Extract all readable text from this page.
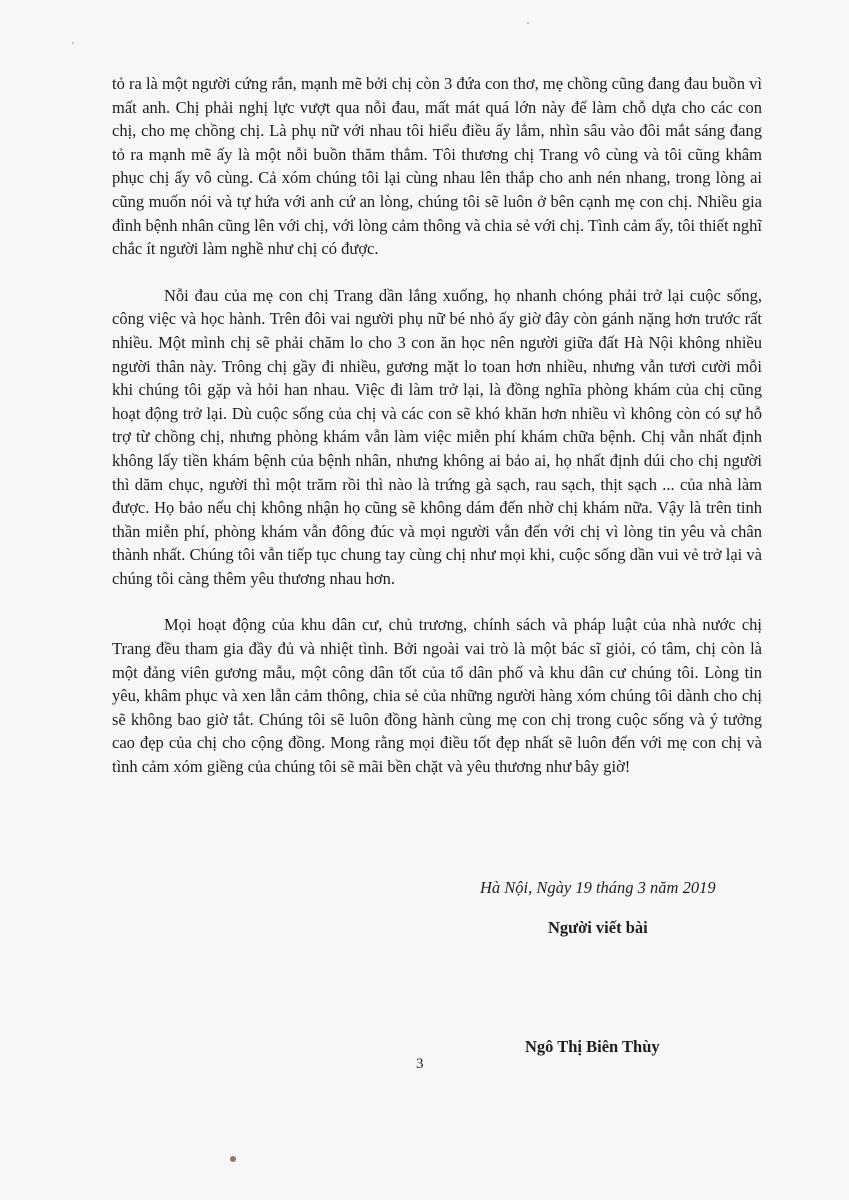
tỏ ra là một người cứng rắn, mạnh mẽ bởi chị còn 3 đứa con thơ, mẹ chồng cũng đang đau buồn vì mất anh. Chị phải nghị lực vượt qua nỗi đau, mất mát quá lớn này để làm chỗ dựa cho các con chị, cho mẹ chồng chị. Là phụ nữ với nhau tôi hiểu điều ấy lắm, nhìn sâu vào đôi mắt sáng đang tỏ ra mạnh mẽ ấy là một nỗi buồn thăm thẳm. Tôi thương chị Trang vô cùng và tôi cũng khâm phục chị ấy vô cùng. Cả xóm chúng tôi lại cùng nhau lên thắp cho anh nén nhang, trong lòng ai cũng muốn nói và tự hứa với anh cứ an lòng, chúng tôi sẽ luôn ở bên cạnh mẹ con chị. Nhiều gia đình bệnh nhân cũng lên với chị, với lòng cảm thông và chia sẻ với chị. Tình cảm ấy, tôi thiết nghĩ chắc ít người làm nghề như chị có được.

Nỗi đau của mẹ con chị Trang dần lắng xuống, họ nhanh chóng phải trở lại cuộc sống, công việc và học hành. Trên đôi vai người phụ nữ bé nhỏ ấy giờ đây còn gánh nặng hơn trước rất nhiều. Một mình chị sẽ phải chăm lo cho 3 con ăn học nên người giữa đất Hà Nội không nhiều người thân này. Trông chị gầy đi nhiều, gương mặt lo toan hơn nhiều, nhưng vẫn tươi cười mỗi khi chúng tôi gặp và hỏi han nhau. Việc đi làm trở lại, là đồng nghĩa phòng khám của chị cũng hoạt động trở lại. Dù cuộc sống của chị và các con sẽ khó khăn hơn nhiều vì không còn có sự hỗ trợ từ chồng chị, nhưng phòng khám vẫn làm việc miễn phí khám chữa bệnh. Chị vẫn nhất định không lấy tiền khám bệnh của bệnh nhân, nhưng không ai bảo ai, họ nhất định dúi cho chị người thì dăm chục, người thì một trăm rồi thì nào là trứng gà sạch, rau sạch, thịt sạch ... của nhà làm được. Họ bảo nếu chị không nhận họ cũng sẽ không dám đến nhờ chị khám nữa. Vậy là trên tinh thần miễn phí, phòng khám vẫn đông đúc và mọi người vẫn đến với chị vì lòng tin yêu và chân thành nhất. Chúng tôi vẫn tiếp tục chung tay cùng chị như mọi khi, cuộc sống dần vui vẻ trở lại và chúng tôi càng thêm yêu thương nhau hơn.

Mọi hoạt động của khu dân cư, chủ trương, chính sách và pháp luật của nhà nước chị Trang đều tham gia đầy đủ và nhiệt tình. Bởi ngoài vai trò là một bác sĩ giỏi, có tâm, chị còn là một đảng viên gương mẫu, một công dân tốt của tổ dân phố và khu dân cư chúng tôi. Lòng tin yêu, khâm phục và xen lẫn cảm thông, chia sẻ của những người hàng xóm chúng tôi dành cho chị sẽ không bao giờ tắt. Chúng tôi sẽ luôn đồng hành cùng mẹ con chị trong cuộc sống và ý tưởng cao đẹp của chị cho cộng đồng. Mong rằng mọi điều tốt đẹp nhất sẽ luôn đến với mẹ con chị và tình cảm xóm giềng của chúng tôi sẽ mãi bền chặt và yêu thương như bây giờ!

Hà Nội, Ngày 19 tháng 3 năm 2019
Người viết bài
Ngô Thị Biên Thùy
3
